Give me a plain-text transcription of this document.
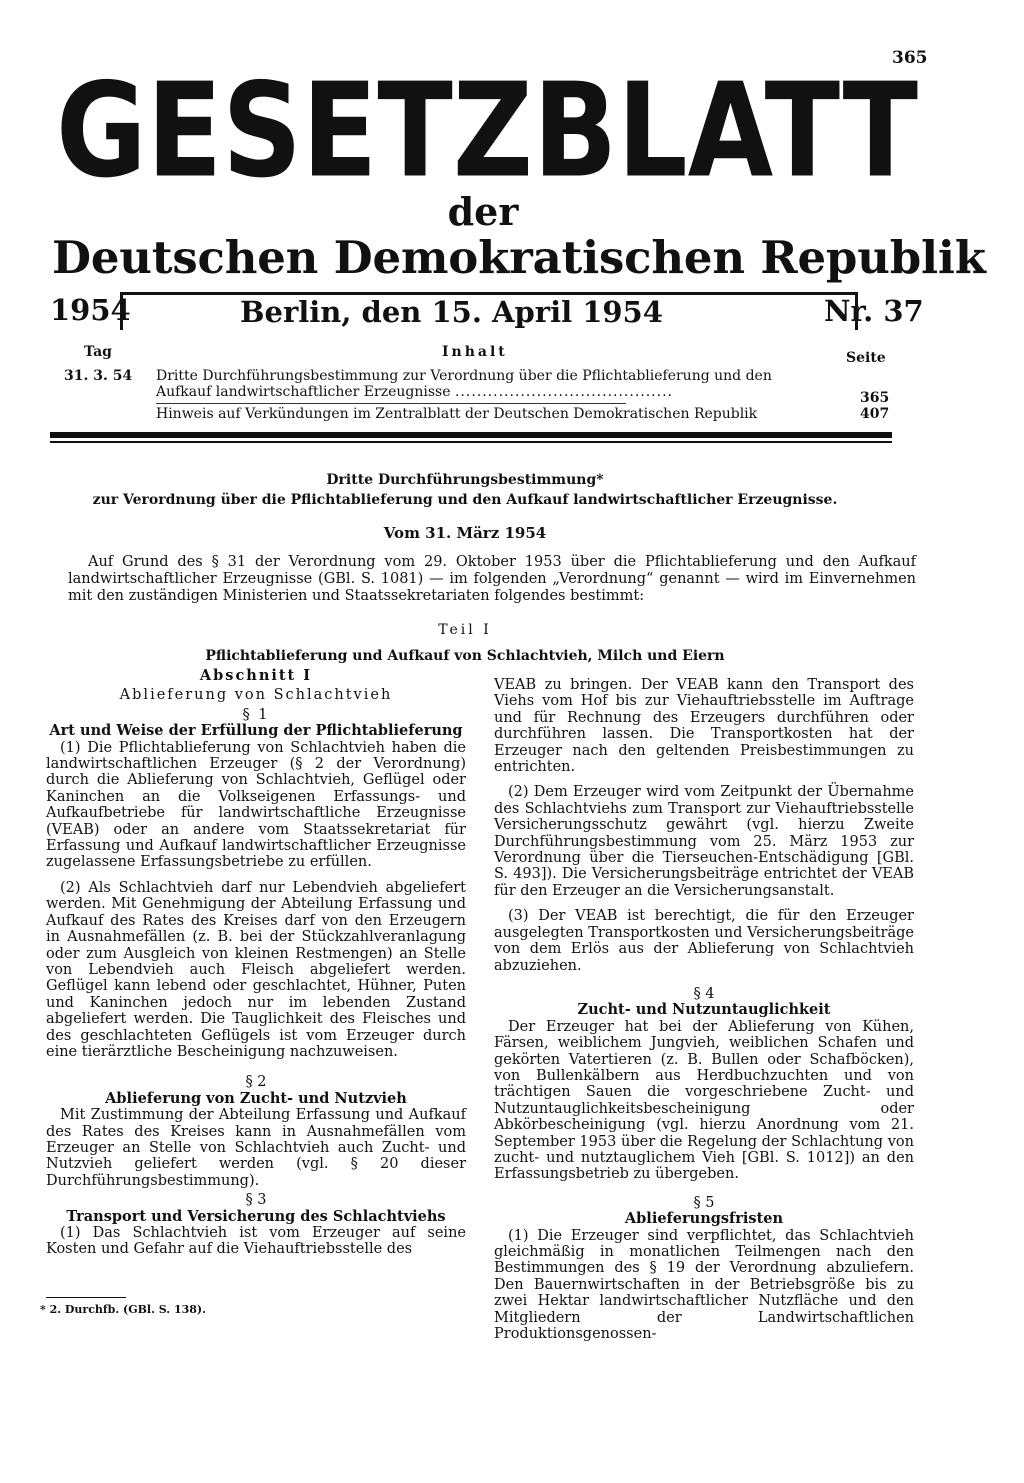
365
GESETZBLATT
der
Deutschen Demokratischen Republik
1954	Berlin, den 15. April 1954	Nr. 37
Tag	Inhalt	Seite
31. 3. 54 Dritte Durchführungsbestimmung zur Verordnung über die Pflichtablieferung und den
Aufkauf landwirtschaftlicher Erzeugnisse ........................................	365
Hinweis auf Verkündungen im Zentralblatt der Deutschen Demokratischen Republik	407
Dritte Durchführungsbestimmung*
zur Verordnung über die Pflichtablieferung und den Aufkauf landwirtschaftlicher Erzeugnisse.
Vom 31. März 1954
Auf Grund des § 31 der Verordnung vom 29. Oktober 1953 über die Pflichtablieferung und den Aufkauf landwirtschaftlicher Erzeugnisse (GBl. S. 1081) — im folgenden „Verordnung“ genannt — wird im Einvernehmen mit den zuständigen Ministerien und Staatssekretariaten folgendes bestimmt:
Teil I
Pflichtablieferung und Aufkauf von Schlachtvieh, Milch und Eiern
Abschnitt I
Ablieferung von Schlachtvieh
§ 1
Art und Weise der Erfüllung der Pflichtablieferung

(1) Die Pflichtablieferung von Schlachtvieh haben die landwirtschaftlichen Erzeuger (§ 2 der Verordnung) durch die Ablieferung von Schlachtvieh, Geflügel oder Kaninchen an die Volkseigenen Erfassungs- und Aufkaufbetriebe für landwirtschaftliche Erzeugnisse (VEAB) oder an andere vom Staatssekretariat für Erfassung und Aufkauf landwirtschaftlicher Erzeugnisse zugelassene Erfassungsbetriebe zu erfüllen.

(2) Als Schlachtvieh darf nur Lebendvieh abgeliefert werden. Mit Genehmigung der Abteilung Erfassung und Aufkauf des Rates des Kreises darf von den Erzeugern in Ausnahmefällen (z. B. bei der Stückzahlveranlagung oder zum Ausgleich von kleinen Restmengen) an Stelle von Lebendvieh auch Fleisch abgeliefert werden. Geflügel kann lebend oder geschlachtet, Hühner, Puten und Kaninchen jedoch nur im lebenden Zustand abgeliefert werden. Die Tauglichkeit des Fleisches und des geschlachteten Geflügels ist vom Erzeuger durch eine tierärztliche Bescheinigung nachzuweisen.

§ 2
Ablieferung von Zucht- und Nutzvieh

Mit Zustimmung der Abteilung Erfassung und Aufkauf des Rates des Kreises kann in Ausnahmefällen vom Erzeuger an Stelle von Schlachtvieh auch Zucht- und Nutzvieh geliefert werden (vgl. § 20 dieser Durchführungsbestimmung).

§ 3
Transport und Versicherung des Schlachtviehs

(1) Das Schlachtvieh ist vom Erzeuger auf seine Kosten und Gefahr auf die Viehauftriebsstelle des

VEAB zu bringen. Der VEAB kann den Transport des Viehs vom Hof bis zur Viehauftriebsstelle im Auftrage und für Rechnung des Erzeugers durchführen oder durchführen lassen. Die Transportkosten hat der Erzeuger nach den geltenden Preisbestimmungen zu entrichten.

(2) Dem Erzeuger wird vom Zeitpunkt der Übernahme des Schlachtviehs zum Transport zur Viehauftriebsstelle Versicherungsschutz gewährt (vgl. hierzu Zweite Durchführungsbestimmung vom 25. März 1953 zur Verordnung über die Tierseuchen-Entschädigung [GBl. S. 493]). Die Versicherungsbeiträge entrichtet der VEAB für den Erzeuger an die Versicherungsanstalt.

(3) Der VEAB ist berechtigt, die für den Erzeuger ausgelegten Transportkosten und Versicherungsbeiträge von dem Erlös aus der Ablieferung von Schlachtvieh abzuziehen.

§ 4
Zucht- und Nutzuntauglichkeit

Der Erzeuger hat bei der Ablieferung von Kühen, Färsen, weiblichem Jungvieh, weiblichen Schafen und gekörten Vatertieren (z. B. Bullen oder Schafböcken), von Bullenkälbern aus Herdbuchzuchten und von trächtigen Sauen die vorgeschriebene Zucht- und Nutzuntauglichkeitsbescheinigung oder Abkörbescheinigung (vgl. hierzu Anordnung vom 21. September 1953 über die Regelung der Schlachtung von zucht- und nutztauglichem Vieh [GBl. S. 1012]) an den Erfassungsbetrieb zu übergeben.

§ 5
Ablieferungsfristen

(1) Die Erzeuger sind verpflichtet, das Schlachtvieh gleichmäßig in monatlichen Teilmengen nach den Bestimmungen des § 19 der Verordnung abzuliefern. Den Bauernwirtschaften in der Betriebsgröße bis zu zwei Hektar landwirtschaftlicher Nutzfläche und den Mitgliedern der Landwirtschaftlichen Produktionsgenossen-

* 2. Durchfb. (GBl. S. 138).
